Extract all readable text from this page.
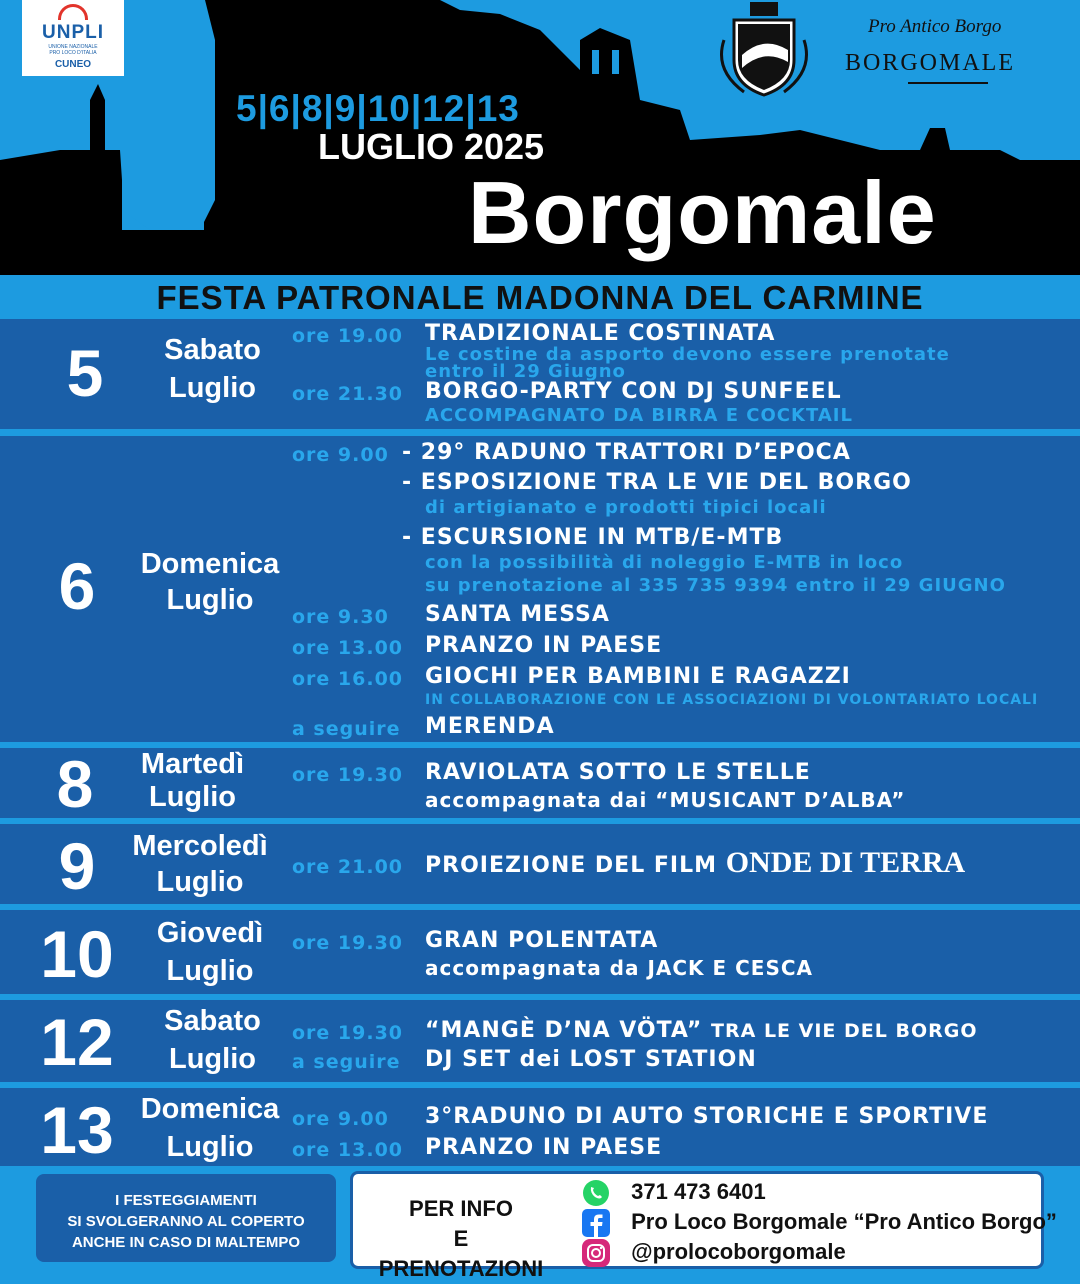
UNPLI
UNIONE NAZIONALE
PRO LOCO D'ITALIA
CUNEO
Pro Antico Borgo
BORGOMALE
5|6|8|9|10|12|13
LUGLIO 2025
Borgomale
FESTA PATRONALE MADONNA DEL CARMINE
5	Sabato
Luglio
ore 19.00 TRADIZIONALE COSTINATA
Le costine da asporto devono essere prenotate
entro il 29 Giugno
ore 21.30 BORGO-PARTY CON DJ SUNFEEL
ACCOMPAGNATO DA BIRRA E COCKTAIL
6	Domenica
Luglio
ore 9.00 - 29° RADUNO TRATTORI D’EPOCA
- ESPOSIZIONE TRA LE VIE DEL BORGO
di artigianato e prodotti tipici locali
- ESCURSIONE IN MTB/E-MTB
con la possibilità di noleggio E-MTB in loco
su prenotazione al 335 735 9394 entro il 29 GIUGNO
ore 9.30 SANTA MESSA
ore 13.00 PRANZO IN PAESE
ore 16.00 GIOCHI PER BAMBINI E RAGAZZI
IN COLLABORAZIONE CON LE ASSOCIAZIONI DI VOLONTARIATO LOCALI
a seguire MERENDA
8	Martedì
Luglio
ore 19.30 RAVIOLATA SOTTO LE STELLE
accompagnata dai “MUSICANT D’ALBA”
9	Mercoledì
Luglio	ore 21.00 PROIEZIONE DEL FILM ONDE DI TERRA
10	Giovedì
Luglio
ore 19.30 GRAN POLENTATA
accompagnata da JACK E CESCA
12	Sabato
Luglio
ore 19.30 “MANGÈ D’NA VÖTA” TRA LE VIE DEL BORGO
a seguire DJ SET dei LOST STATION
13 Domenica
Luglio
ore 9.00 3°RADUNO DI AUTO STORICHE E SPORTIVE
ore 13.00 PRANZO IN PAESE
I FESTEGGIAMENTI
SI SVOLGERANNO AL COPERTO
ANCHE IN CASO DI MALTEMPO
PER INFO
E PRENOTAZIONI
371 473 6401
Pro Loco Borgomale “Pro Antico Borgo”
@prolocoborgomale
